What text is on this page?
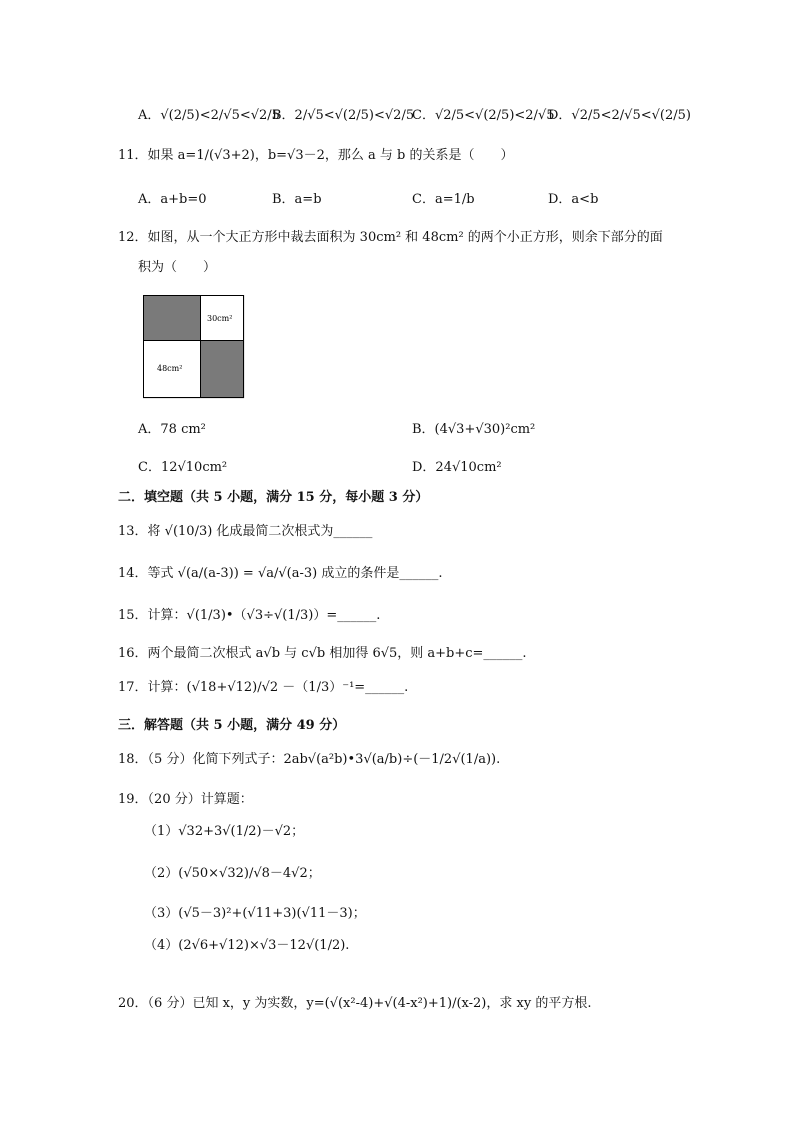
A．√(2/5)<2/√5<√2/5
B．2/√5<√(2/5)<√2/5
C．√2/5<√(2/5)<2/√5
D．√2/5<2/√5<√(2/5)
11．如果 a=1/(√3+2)，b=√3－2，那么 a 与 b 的关系是（　　）
A．a+b=0	B．a=b	C．a=1/b	D．a<b
12．如图，从一个大正方形中裁去面积为 30cm² 和 48cm² 的两个小正方形，则余下部分的面
积为（　　）
30cm²
48cm²
A．78 cm²	B．(4√3+√30)²cm²
C．12√10cm²	D．24√10cm²
二．填空题（共 5 小题，满分 15 分，每小题 3 分）
13．将 √(10/3) 化成最简二次根式为______
14．等式 √(a/(a-3)) = √a/√(a-3) 成立的条件是______.
15．计算：√(1/3)•（√3÷√(1/3)）=______.
16．两个最简二次根式 a√b 与 c√b 相加得 6√5，则 a+b+c=______.
17．计算：(√18+√12)/√2 －（1/3）⁻¹=______.
三．解答题（共 5 小题，满分 49 分）
18．（5 分）化简下列式子：2ab√(a²b)•3√(a/b)÷(－1/2√(1/a)).
19．（20 分）计算题：
（1）√32+3√(1/2)－√2；
（2）(√50×√32)/√8－4√2；
（3）(√5－3)²+(√11+3)(√11－3)；
（4）(2√6+√12)×√3－12√(1/2).
20．（6 分）已知 x，y 为实数，y=(√(x²-4)+√(4-x²)+1)/(x-2)，求 xy 的平方根.
